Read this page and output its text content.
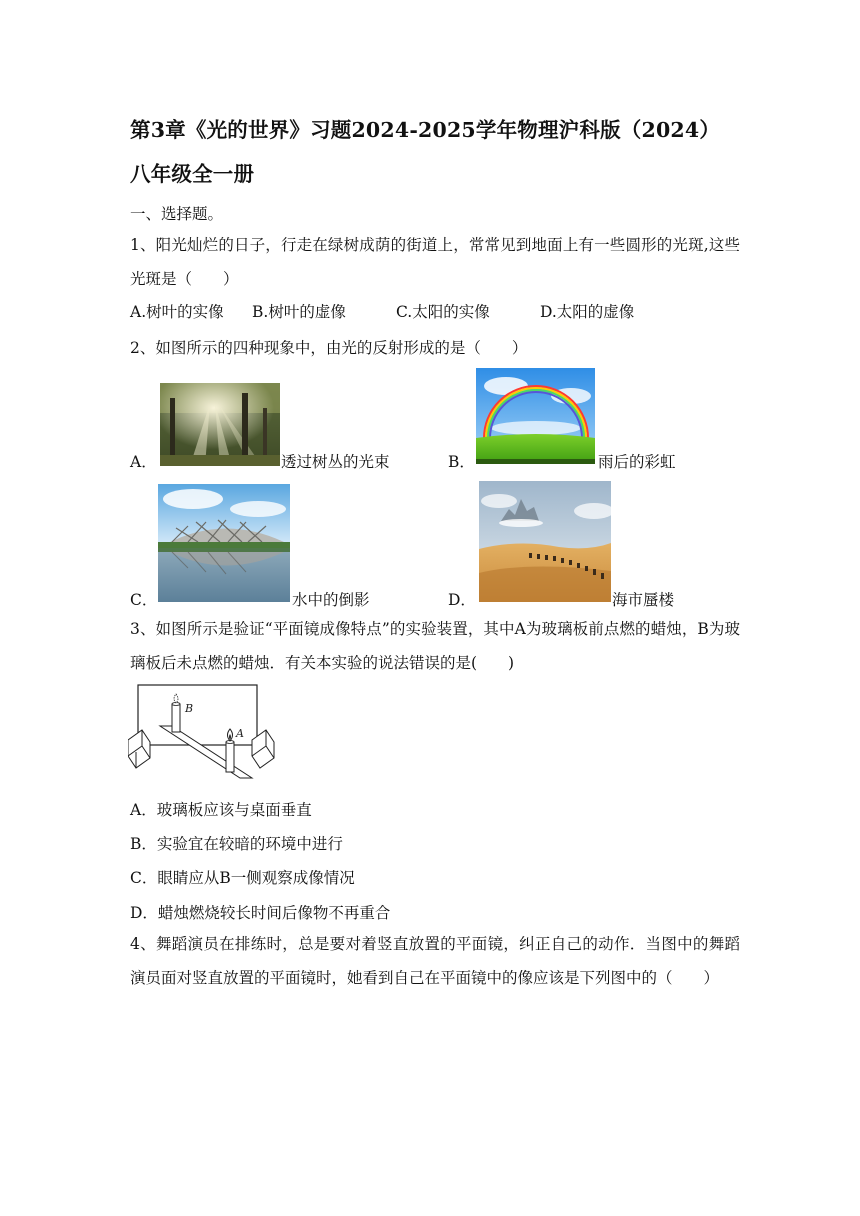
第3章《光的世界》习题2024-2025学年物理沪科版（2024）八年级全一册
一、选择题。
1、阳光灿烂的日子，行走在绿树成荫的街道上，常常见到地面上有一些圆形的光斑,这些光斑是（　　）
A.树叶的实像 B.树叶的虚像	C.太阳的实像	D.太阳的虚像
2、如图所示的四种现象中，由光的反射形成的是（　　）
A．	透过树丛的光束	B．	雨后的彩虹
C．	水中的倒影	D．	海市蜃楼
3、如图所示是验证“平面镜成像特点”的实验装置，其中A为玻璃板前点燃的蜡烛，B为玻璃板后未点燃的蜡烛．有关本实验的说法错误的是(　　)
B
A
A．玻璃板应该与桌面垂直
B．实验宜在较暗的环境中进行
C．眼睛应从B一侧观察成像情况
D．蜡烛燃烧较长时间后像物不再重合
4、舞蹈演员在排练时，总是要对着竖直放置的平面镜，纠正自己的动作．当图中的舞蹈演员面对竖直放置的平面镜时，她看到自己在平面镜中的像应该是下列图中的（　　）
